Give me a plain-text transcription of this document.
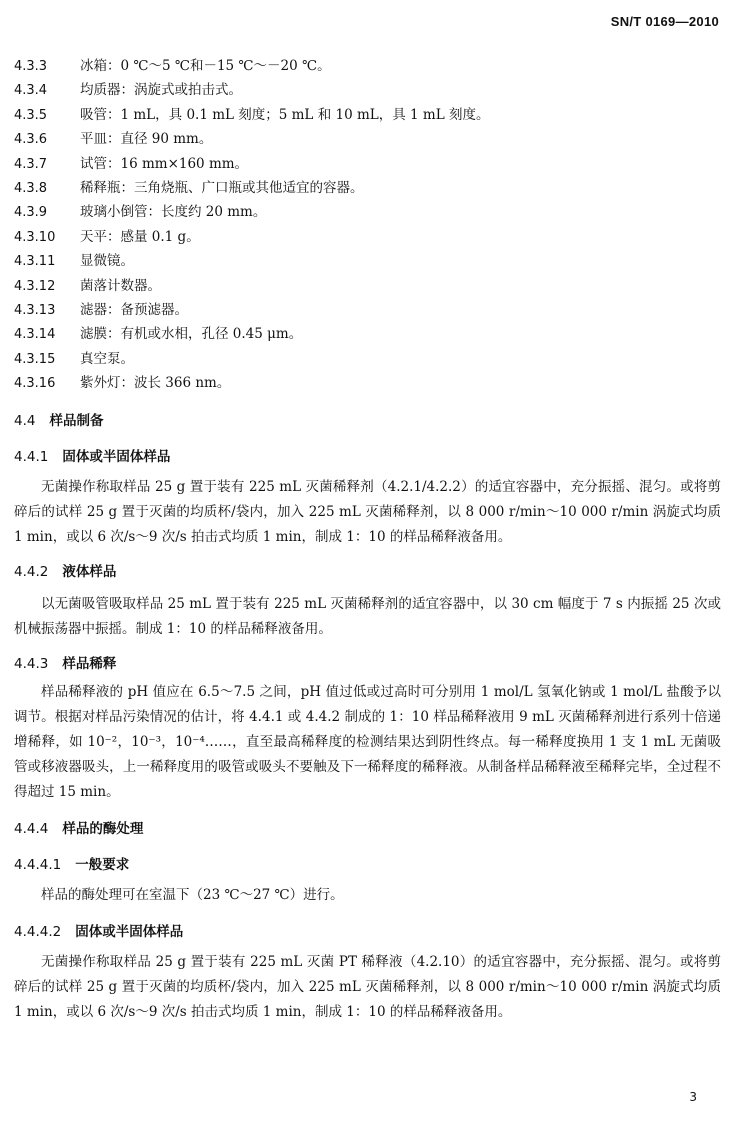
SN/T 0169—2010
4.3.3 冰箱：0 ℃～5 ℃和－15 ℃～－20 ℃。
4.3.4 均质器：涡旋式或拍击式。
4.3.5 吸管：1 mL，具 0.1 mL 刻度；5 mL 和 10 mL，具 1 mL 刻度。
4.3.6 平皿：直径 90 mm。
4.3.7 试管：16 mm×160 mm。
4.3.8 稀释瓶：三角烧瓶、广口瓶或其他适宜的容器。
4.3.9 玻璃小倒管：长度约 20 mm。
4.3.10 天平：感量 0.1 g。
4.3.11 显微镜。
4.3.12 菌落计数器。
4.3.13 滤器：备预滤器。
4.3.14 滤膜：有机或水相，孔径 0.45 μm。
4.3.15 真空泵。
4.3.16 紫外灯：波长 366 nm。
4.4 样品制备
4.4.1 固体或半固体样品

无菌操作称取样品 25 g 置于装有 225 mL 灭菌稀释剂（4.2.1/4.2.2）的适宜容器中，充分振摇、混匀。或将剪碎后的试样 25 g 置于灭菌的均质杯/袋内，加入 225 mL 灭菌稀释剂，以 8 000 r/min～10 000 r/min 涡旋式均质 1 min，或以 6 次/s～9 次/s 拍击式均质 1 min，制成 1：10 的样品稀释液备用。

4.4.2 液体样品

以无菌吸管吸取样品 25 mL 置于装有 225 mL 灭菌稀释剂的适宜容器中，以 30 cm 幅度于 7 s 内振摇 25 次或机械振荡器中振摇。制成 1：10 的样品稀释液备用。

4.4.3 样品稀释

样品稀释液的 pH 值应在 6.5～7.5 之间，pH 值过低或过高时可分别用 1 mol/L 氢氧化钠或 1 mol/L 盐酸予以调节。根据对样品污染情况的估计，将 4.4.1 或 4.4.2 制成的 1：10 样品稀释液用 9 mL 灭菌稀释剂进行系列十倍递增稀释，如 10⁻²，10⁻³，10⁻⁴……，直至最高稀释度的检测结果达到阴性终点。每一稀释度换用 1 支 1 mL 无菌吸管或移液器吸头，上一稀释度用的吸管或吸头不要触及下一稀释度的稀释液。从制备样品稀释液至稀释完毕，全过程不得超过 15 min。

4.4.4 样品的酶处理
4.4.4.1 一般要求

样品的酶处理可在室温下（23 ℃～27 ℃）进行。

4.4.4.2 固体或半固体样品

无菌操作称取样品 25 g 置于装有 225 mL 灭菌 PT 稀释液（4.2.10）的适宜容器中，充分振摇、混匀。或将剪碎后的试样 25 g 置于灭菌的均质杯/袋内，加入 225 mL 灭菌稀释剂，以 8 000 r/min～10 000 r/min 涡旋式均质 1 min，或以 6 次/s～9 次/s 拍击式均质 1 min，制成 1：10 的样品稀释液备用。

3
